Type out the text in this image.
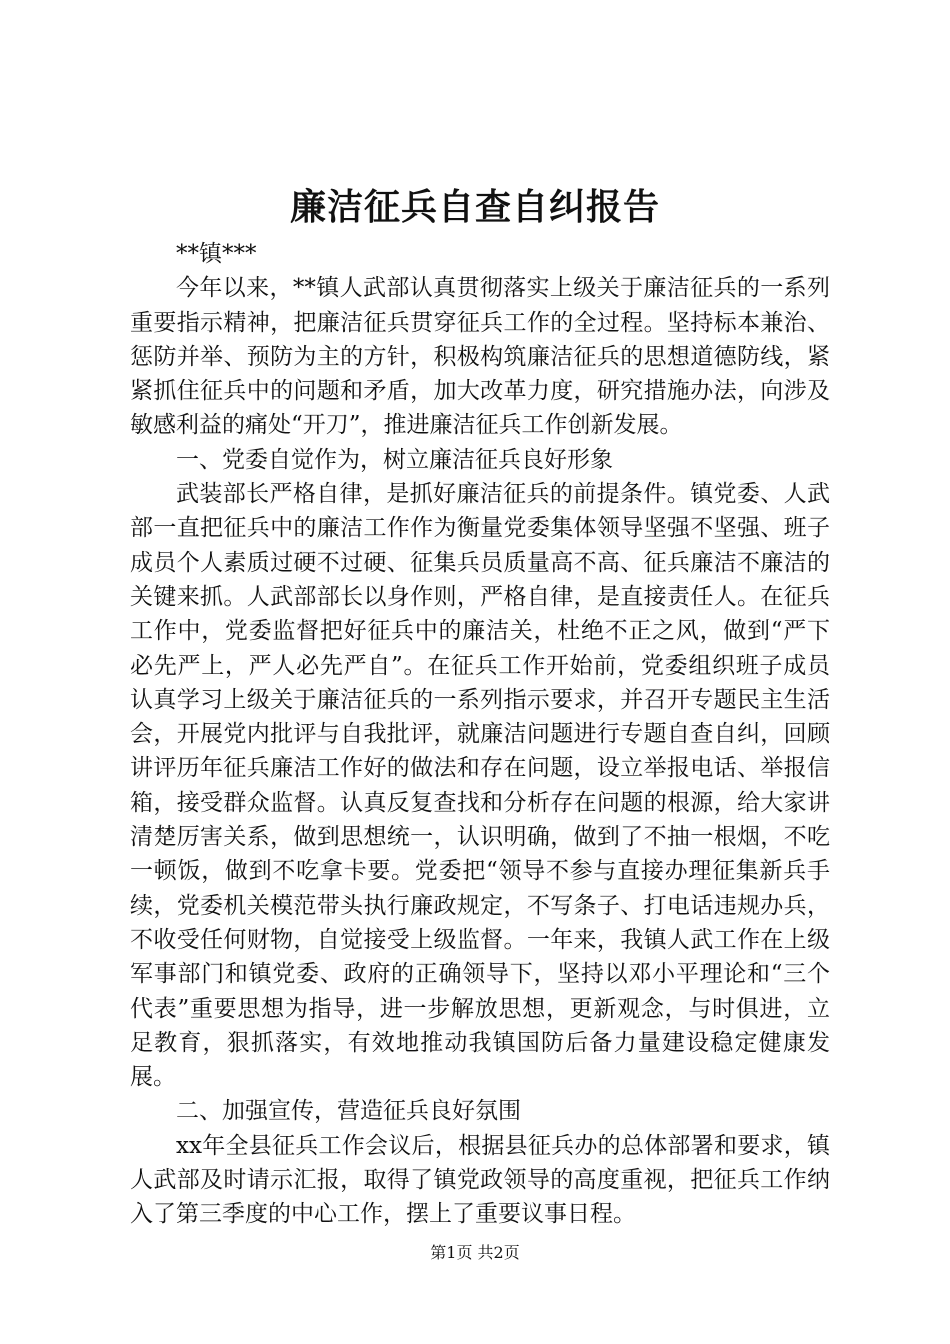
廉洁征兵自查自纠报告

**镇***

今年以来，**镇人武部认真贯彻落实上级关于廉洁征兵的一系列重要指示精神，把廉洁征兵贯穿征兵工作的全过程。坚持标本兼治、惩防并举、预防为主的方针，积极构筑廉洁征兵的思想道德防线，紧紧抓住征兵中的问题和矛盾，加大改革力度，研究措施办法，向涉及敏感利益的痛处“开刀”，推进廉洁征兵工作创新发展。

一、党委自觉作为，树立廉洁征兵良好形象

武装部长严格自律，是抓好廉洁征兵的前提条件。镇党委、人武部一直把征兵中的廉洁工作作为衡量党委集体领导坚强不坚强、班子成员个人素质过硬不过硬、征集兵员质量高不高、征兵廉洁不廉洁的关键来抓。人武部部长以身作则，严格自律，是直接责任人。在征兵工作中，党委监督把好征兵中的廉洁关，杜绝不正之风，做到“严下必先严上，严人必先严自”。在征兵工作开始前，党委组织班子成员认真学习上级关于廉洁征兵的一系列指示要求，并召开专题民主生活会，开展党内批评与自我批评，就廉洁问题进行专题自查自纠，回顾讲评历年征兵廉洁工作好的做法和存在问题，设立举报电话、举报信箱，接受群众监督。认真反复查找和分析存在问题的根源，给大家讲清楚厉害关系，做到思想统一，认识明确，做到了不抽一根烟，不吃一顿饭，做到不吃拿卡要。党委把“领导不参与直接办理征集新兵手续，党委机关模范带头执行廉政规定，不写条子、打电话违规办兵，不收受任何财物，自觉接受上级监督。一年来，我镇人武工作在上级军事部门和镇党委、政府的正确领导下，坚持以邓小平理论和“三个代表”重要思想为指导，进一步解放思想，更新观念，与时俱进，立足教育，狠抓落实，有效地推动我镇国防后备力量建设稳定健康发展。

二、加强宣传，营造征兵良好氛围

xx年全县征兵工作会议后，根据县征兵办的总体部署和要求，镇人武部及时请示汇报，取得了镇党政领导的高度重视，把征兵工作纳入了第三季度的中心工作，摆上了重要议事日程。

第1页 共2页
